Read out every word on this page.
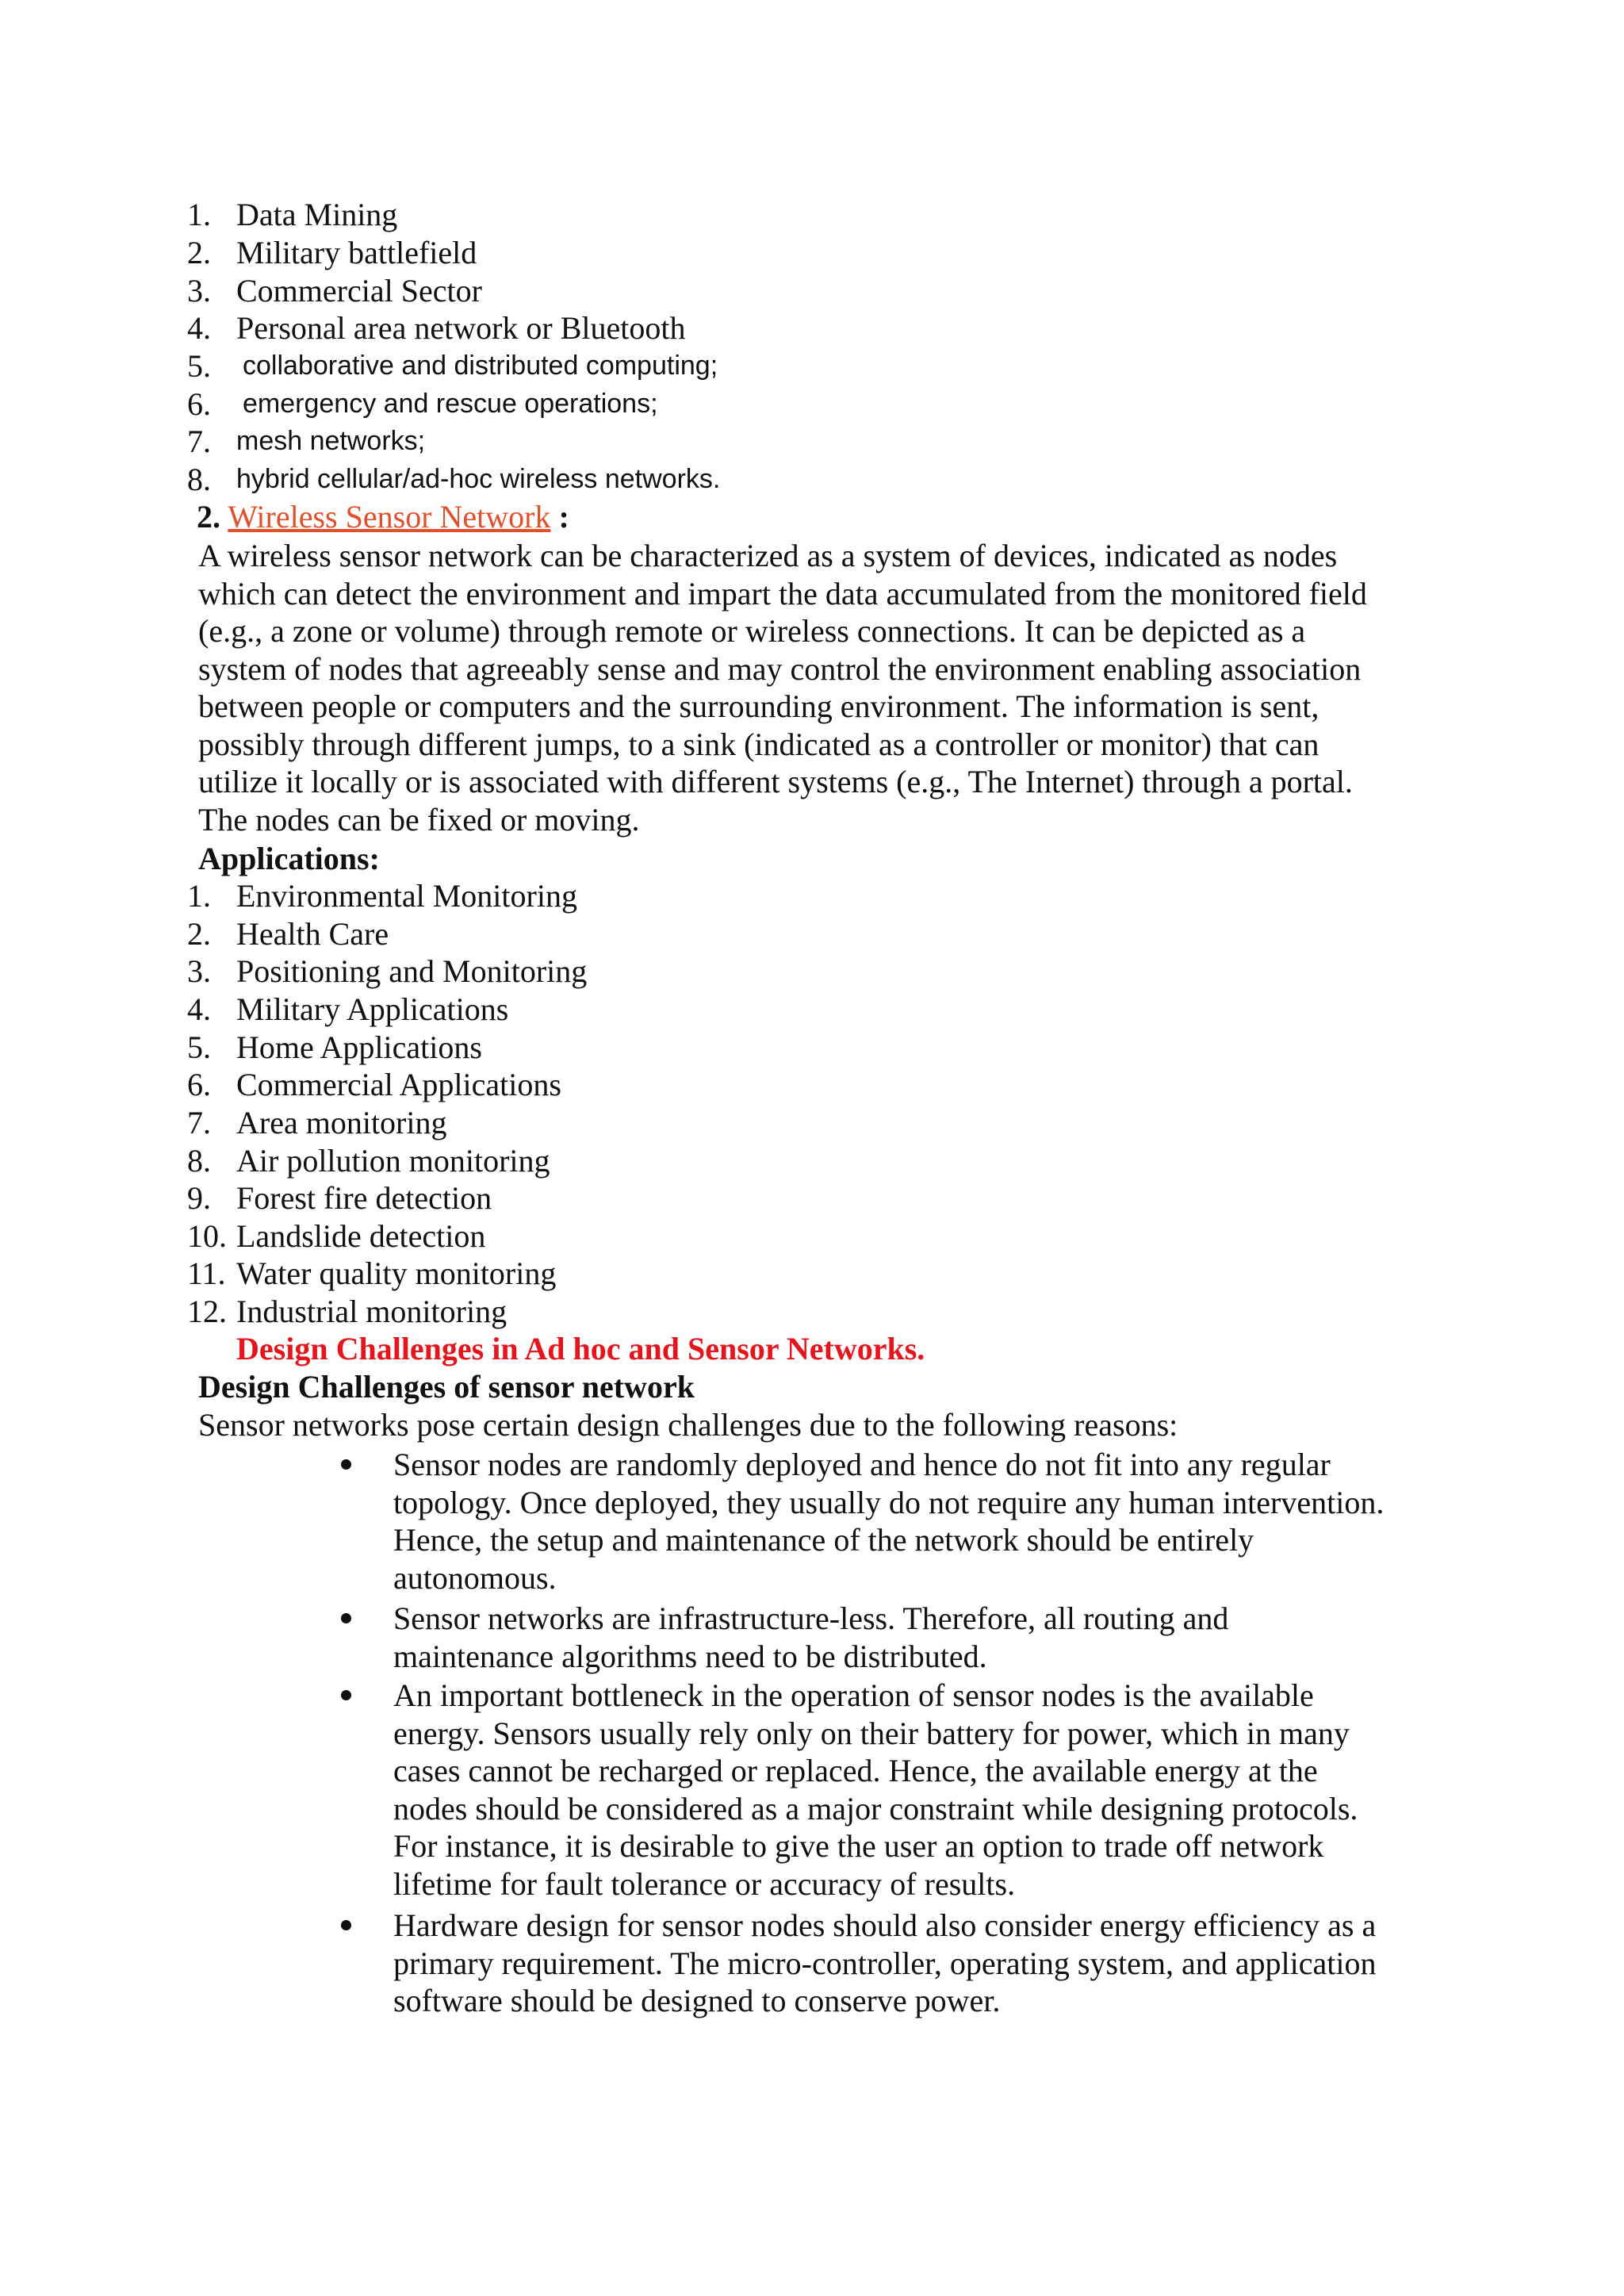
1. Data Mining
2. Military battlefield
3. Commercial Sector
4. Personal area network or Bluetooth
5. collaborative and distributed computing;
6. emergency and rescue operations;
7. mesh networks;
8. hybrid cellular/ad-hoc wireless networks.
2. Wireless Sensor Network :
A wireless sensor network can be characterized as a system of devices, indicated as nodes
which can detect the environment and impart the data accumulated from the monitored field
(e.g., a zone or volume) through remote or wireless connections. It can be depicted as a
system of nodes that agreeably sense and may control the environment enabling association
between people or computers and the surrounding environment. The information is sent,
possibly through different jumps, to a sink (indicated as a controller or monitor) that can
utilize it locally or is associated with different systems (e.g., The Internet) through a portal.
The nodes can be fixed or moving.
Applications:
1. Environmental Monitoring
2. Health Care
3. Positioning and Monitoring
4. Military Applications
5. Home Applications
6. Commercial Applications
7. Area monitoring
8. Air pollution monitoring
9. Forest fire detection
10. Landslide detection
11. Water quality monitoring
12. Industrial monitoring
Design Challenges in Ad hoc and Sensor Networks.
Design Challenges of sensor network
Sensor networks pose certain design challenges due to the following reasons:
Sensor nodes are randomly deployed and hence do not fit into any regular
topology. Once deployed, they usually do not require any human intervention.
Hence, the setup and maintenance of the network should be entirely
autonomous.
Sensor networks are infrastructure-less. Therefore, all routing and
maintenance algorithms need to be distributed.
An important bottleneck in the operation of sensor nodes is the available
energy. Sensors usually rely only on their battery for power, which in many
cases cannot be recharged or replaced. Hence, the available energy at the
nodes should be considered as a major constraint while designing protocols.
For instance, it is desirable to give the user an option to trade off network
lifetime for fault tolerance or accuracy of results.
Hardware design for sensor nodes should also consider energy efficiency as a
primary requirement. The micro-controller, operating system, and application
software should be designed to conserve power.
